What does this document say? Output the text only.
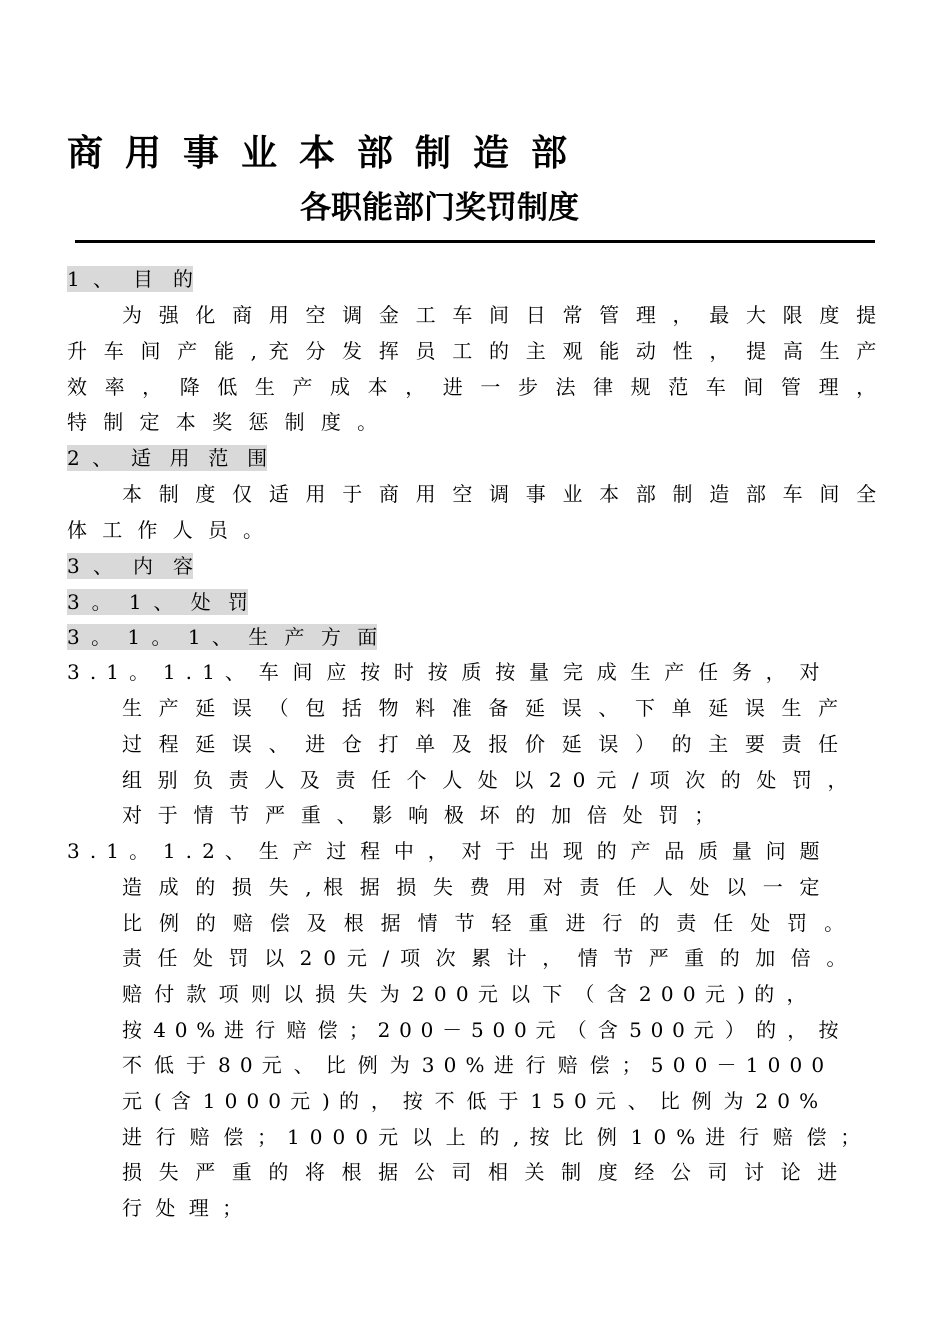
商用事业本部制造部
各职能部门奖罚制度
1 、 目 的
为 强 化 商 用 空 调 金 工 车 间 日 常 管 理 ， 最 大 限 度 提
升 车 间 产 能 , 充 分 发 挥 员 工 的 主 观 能 动 性 ， 提 高 生 产
效 率 ， 降 低 生 产 成 本 ， 进 一 步 法 律 规 范 车 间 管 理 ，
特 制 定 本 奖 惩 制 度 。
2 、 适 用 范 围
本 制 度 仅 适 用 于 商 用 空 调 事 业 本 部 制 造 部 车 间 全
体 工 作 人 员 。
3 、 内 容
3 。 1 、 处 罚
3 。 1 。 1 、 生 产 方 面
3 . 1 。 1 . 1 、 车 间 应 按 时 按 质 按 量 完 成 生 产 任 务 ， 对
生 产 延 误 （ 包 括 物 料 准 备 延 误 、 下 单 延 误 生 产
过 程 延 误 、 进 仓 打 单 及 报 价 延 误 ） 的 主 要 责 任
组 别 负 责 人 及 责 任 个 人 处 以 2 0 元 / 项 次 的 处 罚 ，
对 于 情 节 严 重 、 影 响 极 坏 的 加 倍 处 罚 ；
3 . 1 。 1 . 2 、 生 产 过 程 中 ， 对 于 出 现 的 产 品 质 量 问 题
造 成 的 损 失 , 根 据 损 失 费 用 对 责 任 人 处 以 一 定
比 例 的 赔 偿 及 根 据 情 节 轻 重 进 行 的 责 任 处 罚 。
责 任 处 罚 以 2 0 元 / 项 次 累 计 ， 情 节 严 重 的 加 倍 。
赔 付 款 项 则 以 损 失 为 2 0 0 元 以 下 （ 含 2 0 0 元 ) 的 ，
按 4 0 % 进 行 赔 偿 ； 2 0 0 － 5 0 0 元 （ 含 5 0 0 元 ） 的 ， 按
不 低 于 8 0 元 、 比 例 为 3 0 % 进 行 赔 偿 ； 5 0 0 － 1 0 0 0
元 ( 含 1 0 0 0 元 ) 的 ， 按 不 低 于 1 5 0 元 、 比 例 为 2 0 %
进 行 赔 偿 ； 1 0 0 0 元 以 上 的 , 按 比 例 1 0 % 进 行 赔 偿 ；
损 失 严 重 的 将 根 据 公 司 相 关 制 度 经 公 司 讨 论 进
行 处 理 ；
